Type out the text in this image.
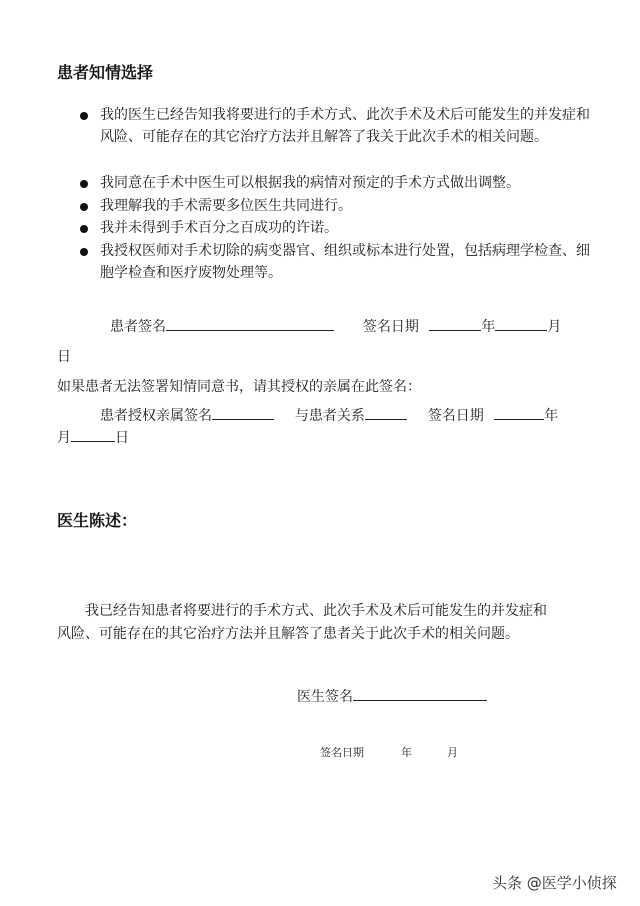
患者知情选择
我的医生已经告知我将要进行的手术方式、此次手术及术后可能发生的并发症和风险、可能存在的其它治疗方法并且解答了我关于此次手术的相关问题。
我同意在手术中医生可以根据我的病情对预定的手术方式做出调整。
我理解我的手术需要多位医生共同进行。
我并未得到手术百分之百成功的许诺。
我授权医师对手术切除的病变器官、组织或标本进行处置，包括病理学检查、细胞学检查和医疗废物处理等。
患者签名	签名日期	年	月
日
如果患者无法签署知情同意书，请其授权的亲属在此签名：
患者授权亲属签名	与患者关系	签名日期	年
月	日
医生陈述：
我已经告知患者将要进行的手术方式、此次手术及术后可能发生的并发症和
风险、可能存在的其它治疗方法并且解答了患者关于此次手术的相关问题。
医生签名
签名日期	年	月
头条 @医学小侦探
